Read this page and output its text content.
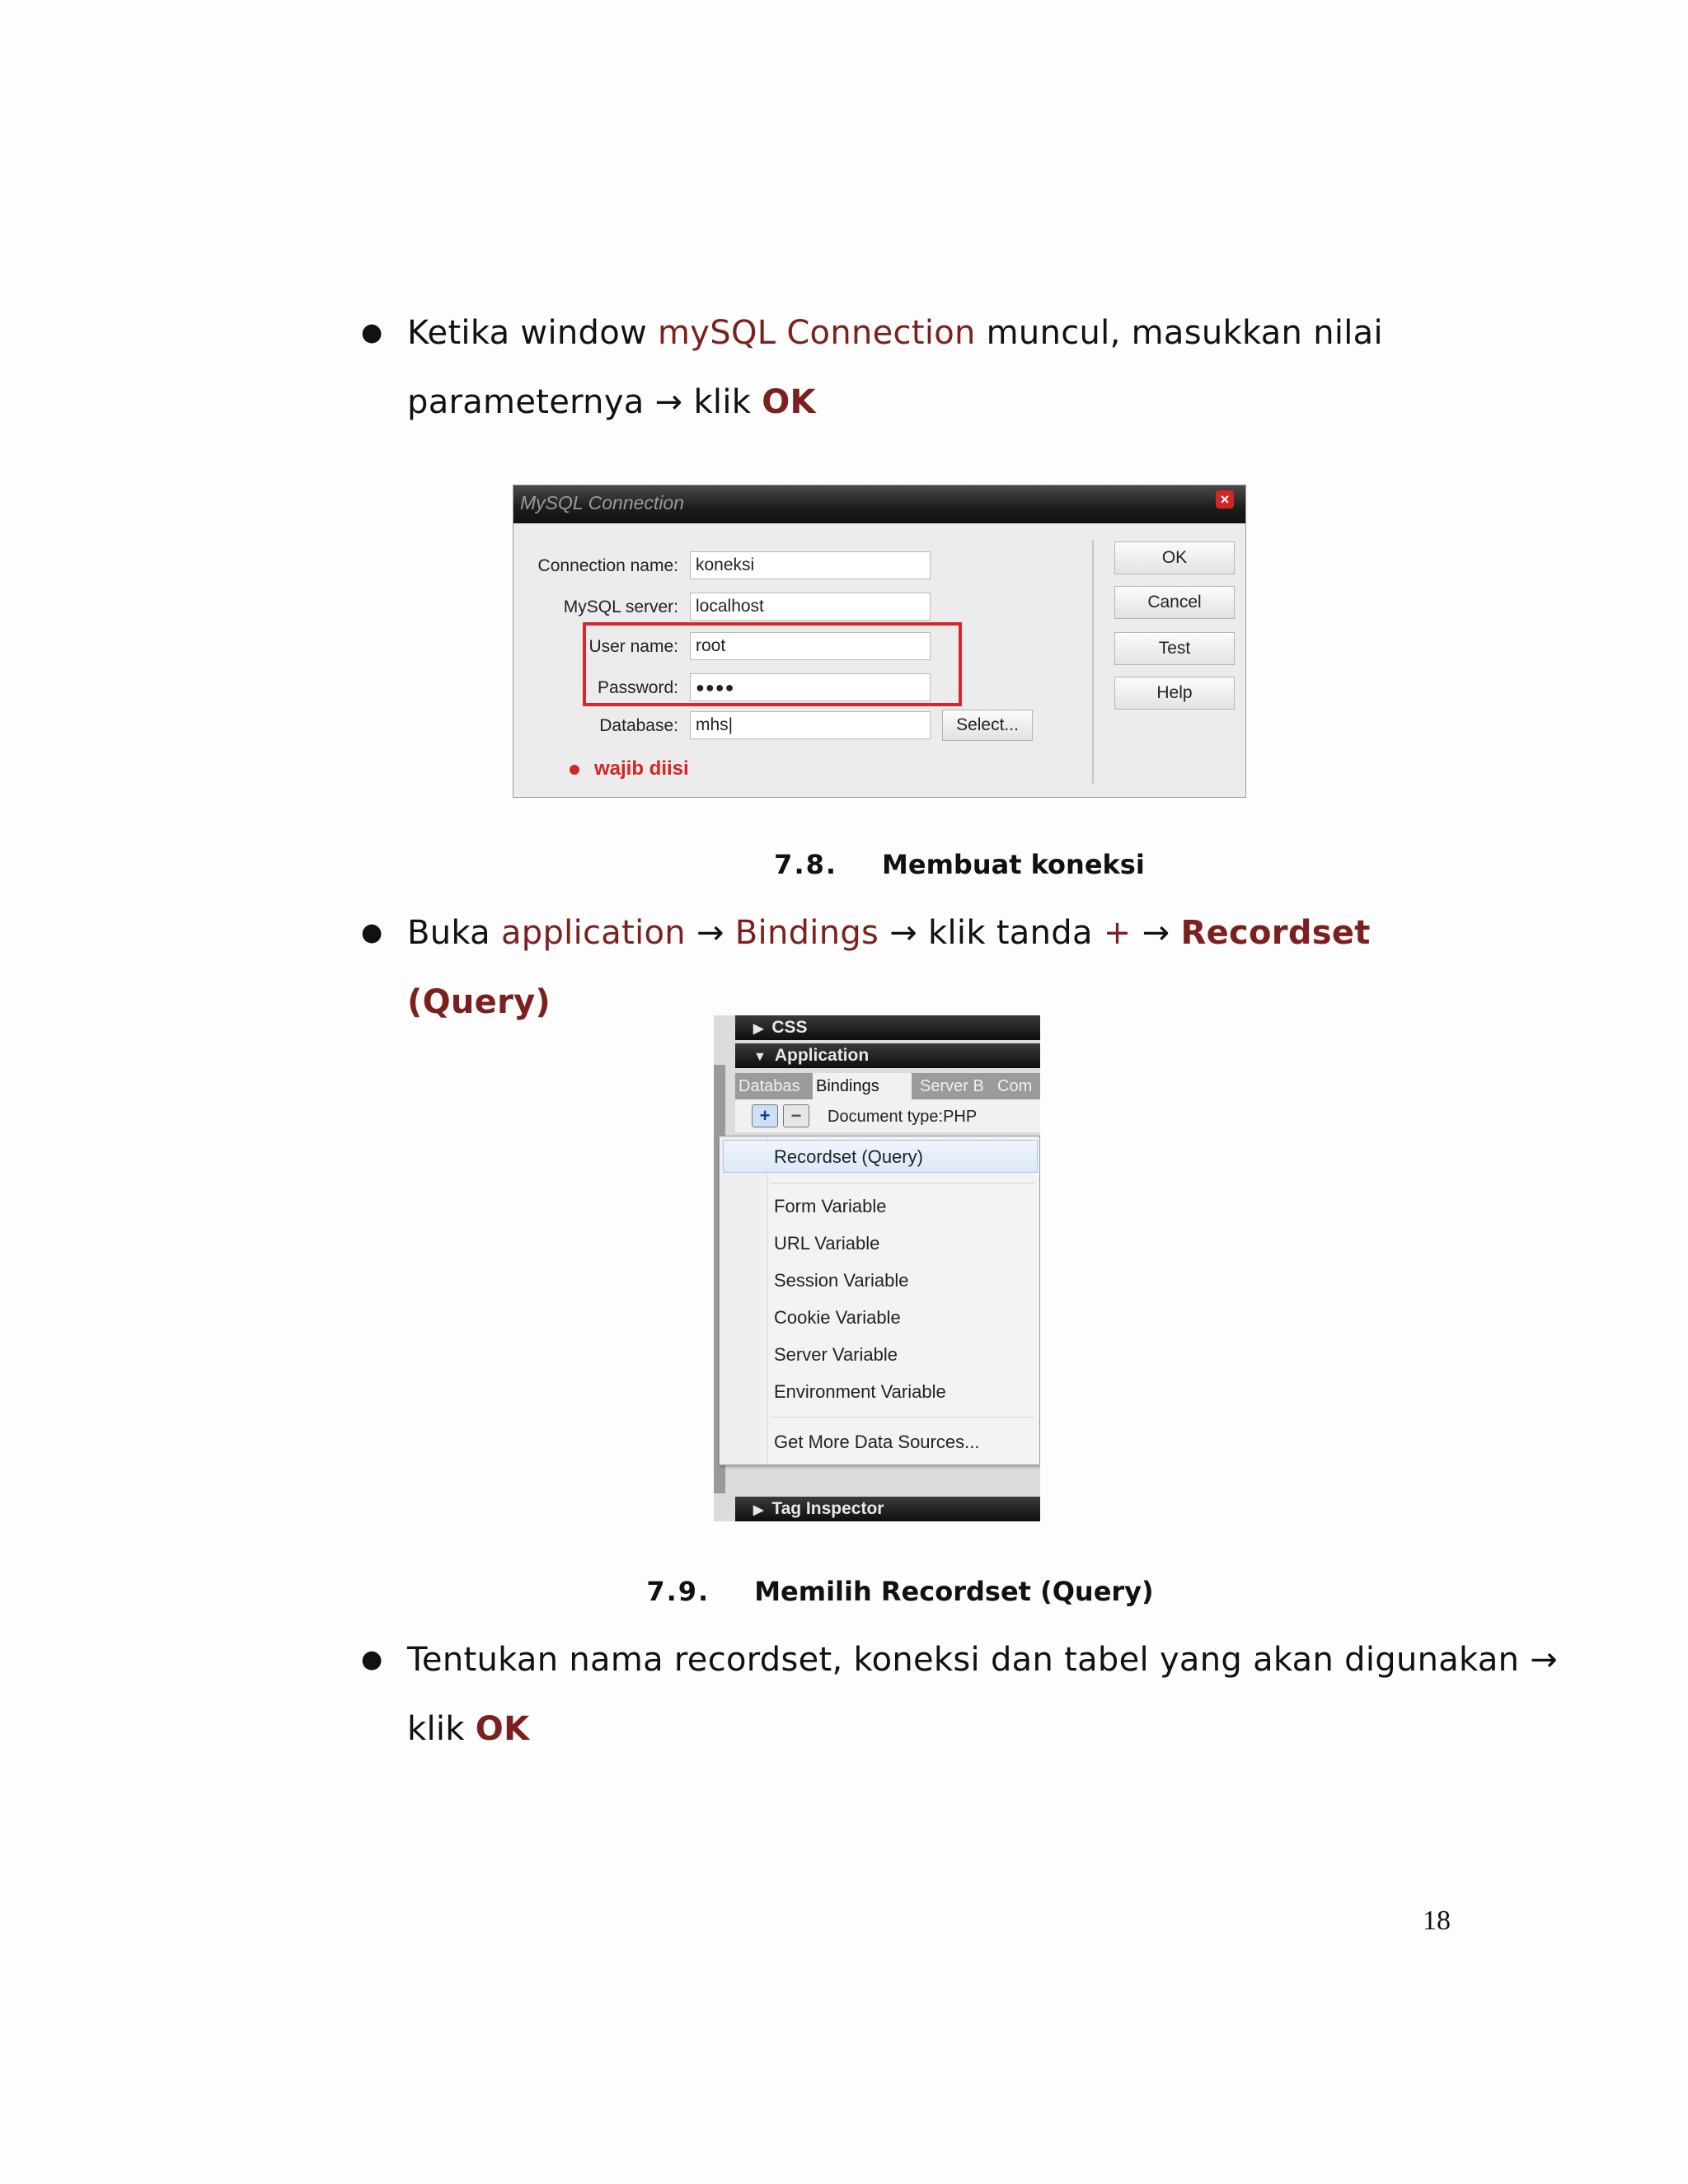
● Ketika window mySQL Connection muncul, masukkan nilai
parameternya → klik OK
MySQL Connection	×
Connection name:	koneksi
MySQL server:	localhost
User name:	root
Password:	●●●●
Database:	mhs|	Select...
OK
Cancel
Test
Help
wajib diisi
7.8. Membuat koneksi
● Buka application → Bindings → klik tanda + → Recordset (Query)
▶ CSS
▼ Application
Databas Bindings	Server B Com
+	−	Document type:PHP
Recordset (Query)
Form Variable
URL Variable
Session Variable
Cookie Variable
Server Variable
Environment Variable
Get More Data Sources...
▶ Tag Inspector
7.9. Memilih Recordset (Query)
● Tentukan nama recordset, koneksi dan tabel yang akan digunakan →
klik OK
18
